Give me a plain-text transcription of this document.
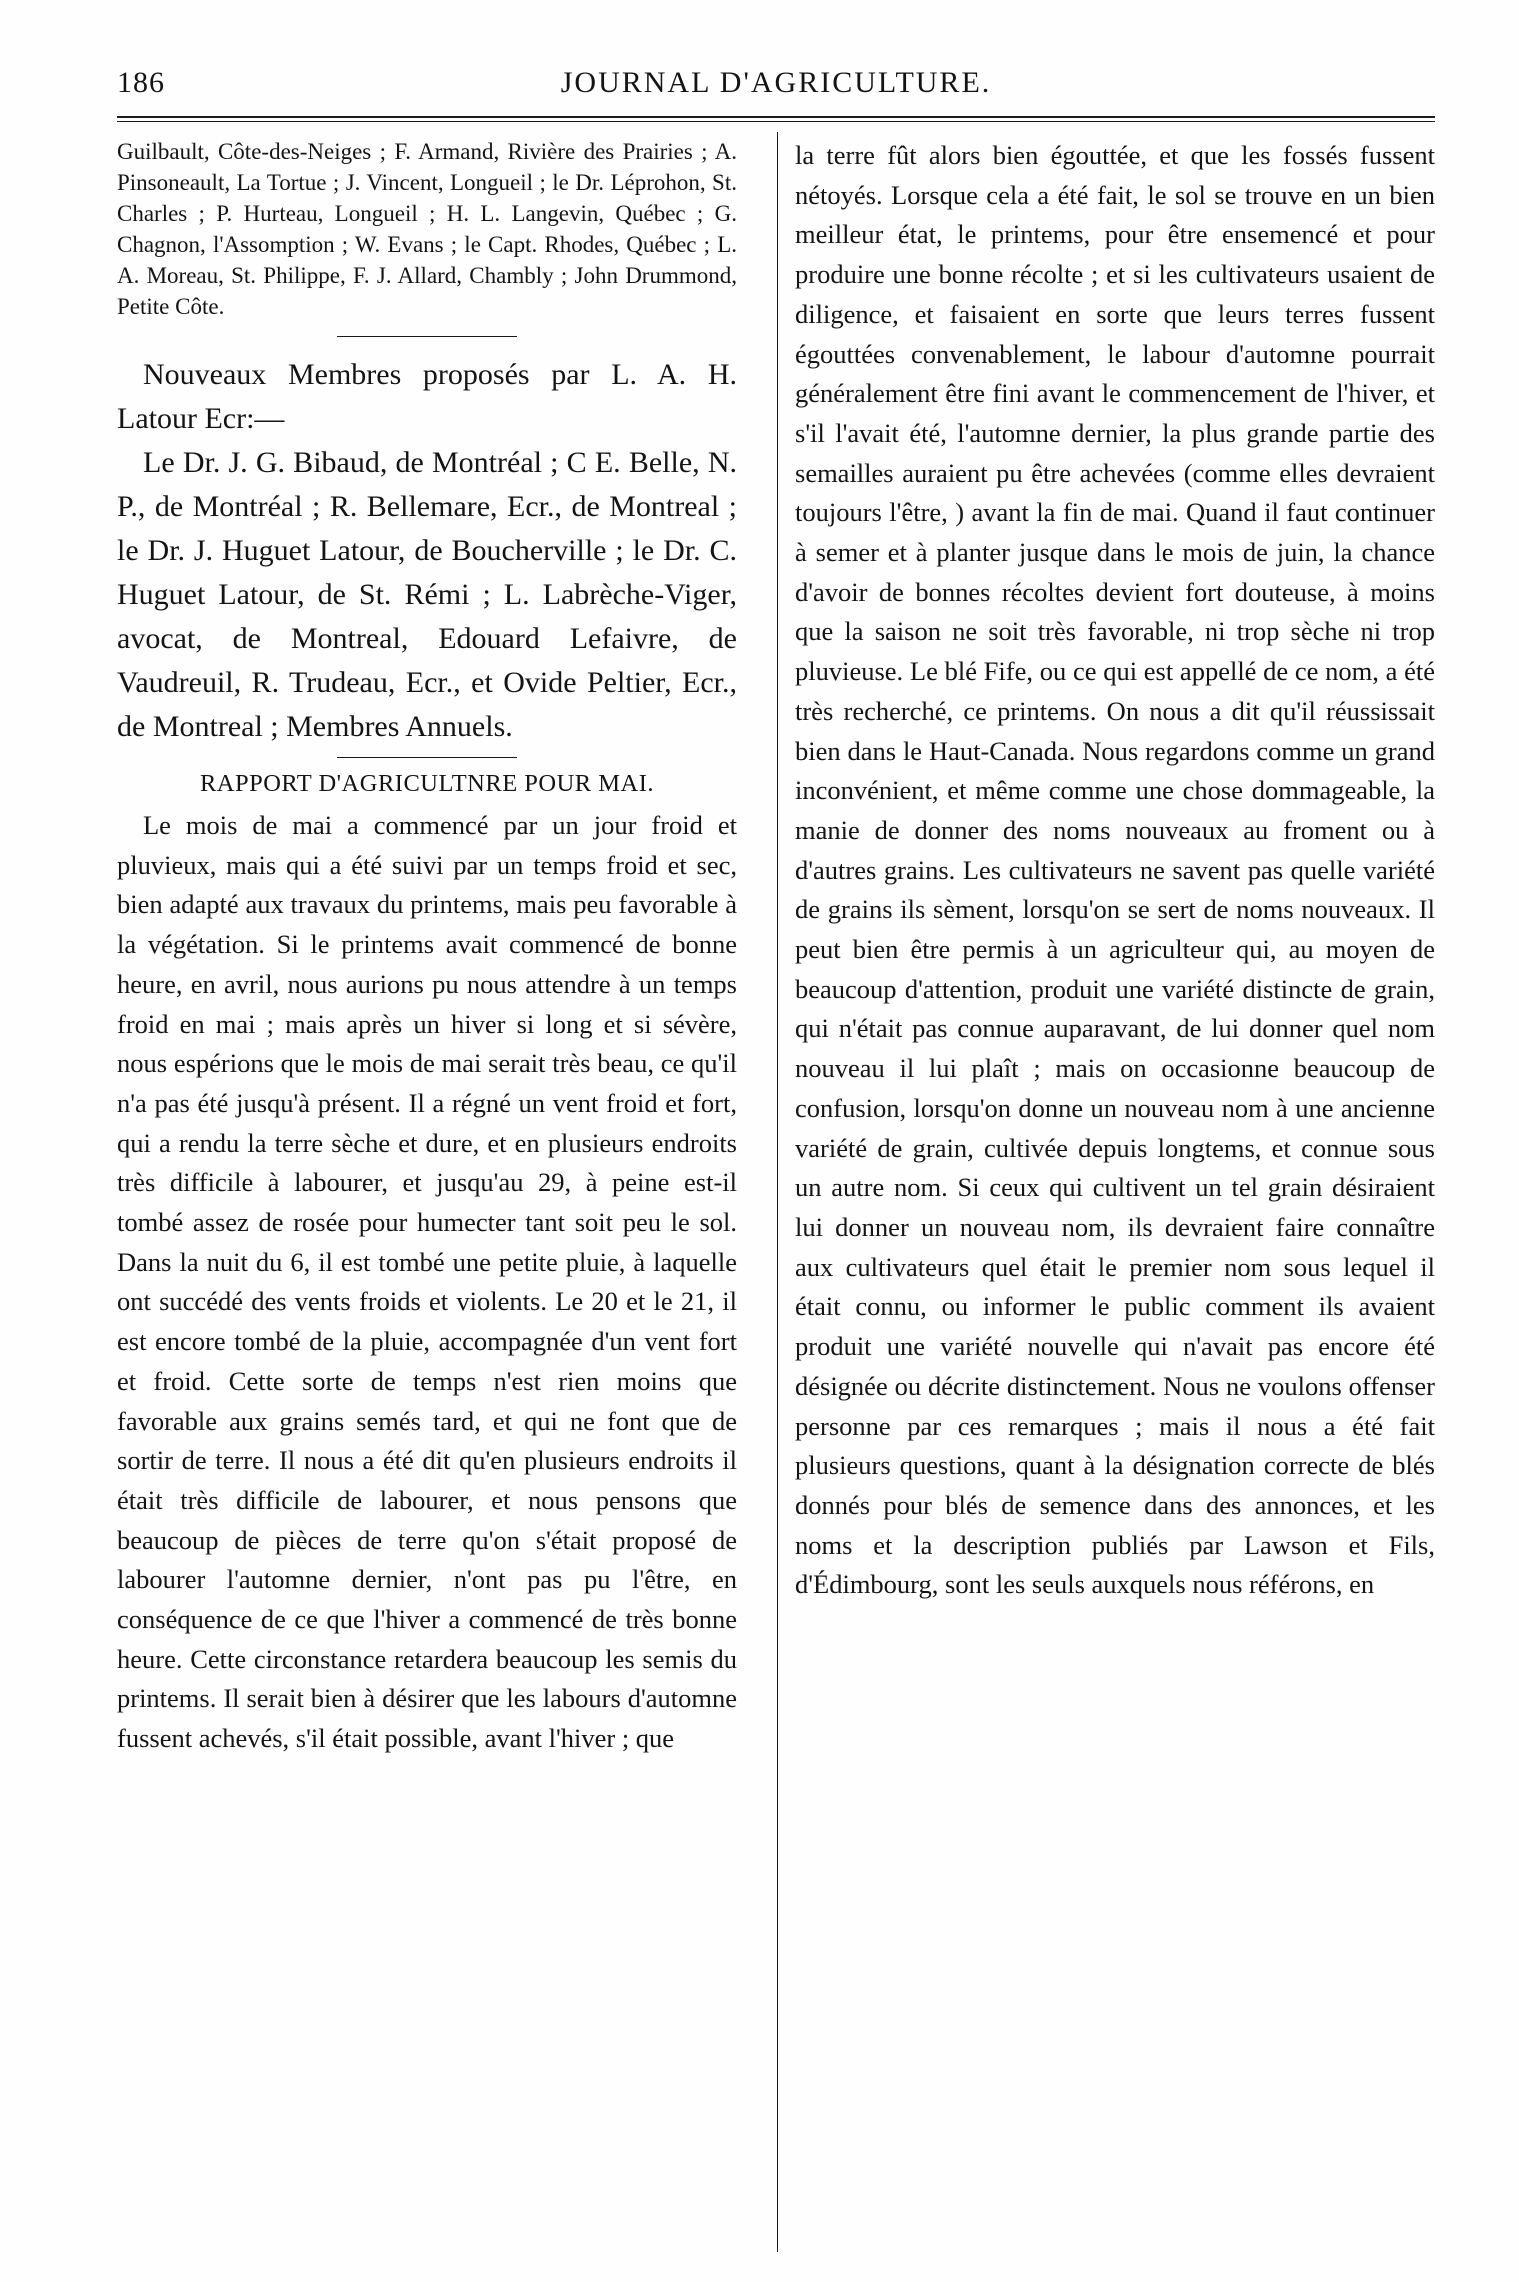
186	JOURNAL D'AGRICULTURE.

Guilbault, Côte-des-Neiges ; F. Armand, Rivière des Prairies ; A. Pinsoneault, La Tortue ; J. Vincent, Longueil ; le Dr. Léprohon, St. Charles ; P. Hurteau, Longueil ; H. L. Langevin, Québec ; G. Chagnon, l'Assomption ; W. Evans ; le Capt. Rhodes, Québec ; L. A. Moreau, St. Philippe, F. J. Allard, Chambly ; John Drummond, Petite Côte.

Nouveaux Membres proposés par L. A. H. Latour Ecr:—

Le Dr. J. G. Bibaud, de Montréal ; C E. Belle, N. P., de Montréal ; R. Bellemare, Ecr., de Montreal ; le Dr. J. Huguet Latour, de Boucherville ; le Dr. C. Huguet Latour, de St. Rémi ; L. Labrèche-Viger, avocat, de Montreal, Edouard Lefaivre, de Vaudreuil, R. Trudeau, Ecr., et Ovide Peltier, Ecr., de Montreal ; Membres Annuels.

RAPPORT D'AGRICULTNRE POUR MAI.

Le mois de mai a commencé par un jour froid et pluvieux, mais qui a été suivi par un temps froid et sec, bien adapté aux travaux du printems, mais peu favorable à la végétation. Si le printems avait commencé de bonne heure, en avril, nous aurions pu nous attendre à un temps froid en mai ; mais après un hiver si long et si sévère, nous espérions que le mois de mai serait très beau, ce qu'il n'a pas été jusqu'à présent. Il a régné un vent froid et fort, qui a rendu la terre sèche et dure, et en plusieurs endroits très difficile à labourer, et jusqu'au 29, à peine est-il tombé assez de rosée pour humecter tant soit peu le sol. Dans la nuit du 6, il est tombé une petite pluie, à laquelle ont succédé des vents froids et violents. Le 20 et le 21, il est encore tombé de la pluie, accompagnée d'un vent fort et froid. Cette sorte de temps n'est rien moins que favorable aux grains semés tard, et qui ne font que de sortir de terre. Il nous a été dit qu'en plusieurs endroits il était très difficile de labourer, et nous pensons que beaucoup de pièces de terre qu'on s'était proposé de labourer l'automne dernier, n'ont pas pu l'être, en conséquence de ce que l'hiver a commencé de très bonne heure. Cette circonstance retardera beaucoup les semis du printems. Il serait bien à désirer que les labours d'automne fussent achevés, s'il était possible, avant l'hiver ; que

la terre fût alors bien égouttée, et que les fossés fussent nétoyés. Lorsque cela a été fait, le sol se trouve en un bien meilleur état, le printems, pour être ensemencé et pour produire une bonne récolte ; et si les cultivateurs usaient de diligence, et faisaient en sorte que leurs terres fussent égouttées convenablement, le labour d'automne pourrait généralement être fini avant le commencement de l'hiver, et s'il l'avait été, l'automne dernier, la plus grande partie des semailles auraient pu être achevées (comme elles devraient toujours l'être, ) avant la fin de mai. Quand il faut continuer à semer et à planter jusque dans le mois de juin, la chance d'avoir de bonnes récoltes devient fort douteuse, à moins que la saison ne soit très favorable, ni trop sèche ni trop pluvieuse. Le blé Fife, ou ce qui est appellé de ce nom, a été très recherché, ce printems. On nous a dit qu'il réussissait bien dans le Haut-Canada. Nous regardons comme un grand inconvénient, et même comme une chose dommageable, la manie de donner des noms nouveaux au froment ou à d'autres grains. Les cultivateurs ne savent pas quelle variété de grains ils sèment, lorsqu'on se sert de noms nouveaux. Il peut bien être permis à un agriculteur qui, au moyen de beaucoup d'attention, produit une variété distincte de grain, qui n'était pas connue auparavant, de lui donner quel nom nouveau il lui plaît ; mais on occasionne beaucoup de confusion, lorsqu'on donne un nouveau nom à une ancienne variété de grain, cultivée depuis longtems, et connue sous un autre nom. Si ceux qui cultivent un tel grain désiraient lui donner un nouveau nom, ils devraient faire connaître aux cultivateurs quel était le premier nom sous lequel il était connu, ou informer le public comment ils avaient produit une variété nouvelle qui n'avait pas encore été désignée ou décrite distinctement. Nous ne voulons offenser personne par ces remarques ; mais il nous a été fait plusieurs questions, quant à la désignation correcte de blés donnés pour blés de semence dans des annonces, et les noms et la description publiés par Lawson et Fils, d'Édimbourg, sont les seuls auxquels nous référons, en
